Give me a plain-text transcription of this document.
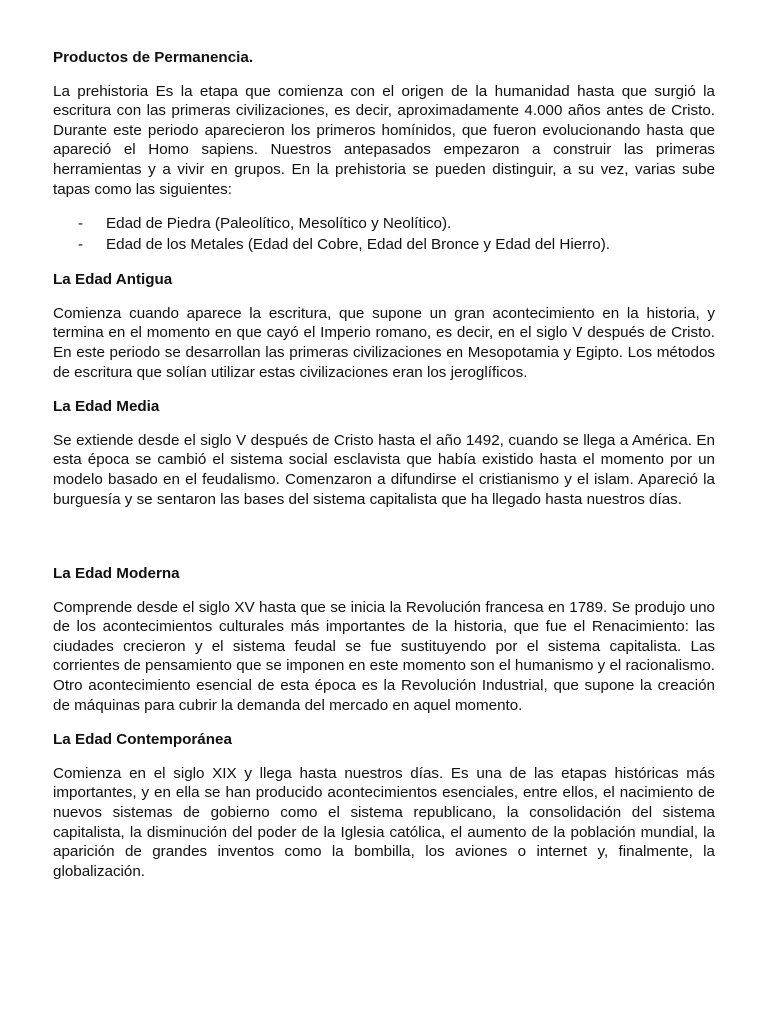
Productos de Permanencia.

La prehistoria Es la etapa que comienza con el origen de la humanidad hasta que surgió la escritura con las primeras civilizaciones, es decir, aproximadamente 4.000 años antes de Cristo. Durante este periodo aparecieron los primeros homínidos, que fueron evolucionando hasta que apareció el Homo sapiens. Nuestros antepasados empezaron a construir las primeras herramientas y a vivir en grupos. En la prehistoria se pueden distinguir, a su vez, varias sube tapas como las siguientes:

- Edad de Piedra (Paleolítico, Mesolítico y Neolítico).
- Edad de los Metales (Edad del Cobre, Edad del Bronce y Edad del Hierro).

La Edad Antigua

Comienza cuando aparece la escritura, que supone un gran acontecimiento en la historia, y termina en el momento en que cayó el Imperio romano, es decir, en el siglo V después de Cristo. En este periodo se desarrollan las primeras civilizaciones en Mesopotamia y Egipto. Los métodos de escritura que solían utilizar estas civilizaciones eran los jeroglíficos.

La Edad Media

Se extiende desde el siglo V después de Cristo hasta el año 1492, cuando se llega a América. En esta época se cambió el sistema social esclavista que había existido hasta el momento por un modelo basado en el feudalismo. Comenzaron a difundirse el cristianismo y el islam. Apareció la burguesía y se sentaron las bases del sistema capitalista que ha llegado hasta nuestros días.

La Edad Moderna

Comprende desde el siglo XV hasta que se inicia la Revolución francesa en 1789. Se produjo uno de los acontecimientos culturales más importantes de la historia, que fue el Renacimiento: las ciudades crecieron y el sistema feudal se fue sustituyendo por el sistema capitalista. Las corrientes de pensamiento que se imponen en este momento son el humanismo y el racionalismo. Otro acontecimiento esencial de esta época es la Revolución Industrial, que supone la creación de máquinas para cubrir la demanda del mercado en aquel momento.

La Edad Contemporánea

Comienza en el siglo XIX y llega hasta nuestros días. Es una de las etapas históricas más importantes, y en ella se han producido acontecimientos esenciales, entre ellos, el nacimiento de nuevos sistemas de gobierno como el sistema republicano, la consolidación del sistema capitalista, la disminución del poder de la Iglesia católica, el aumento de la población mundial, la aparición de grandes inventos como la bombilla, los aviones o internet y, finalmente, la globalización.
